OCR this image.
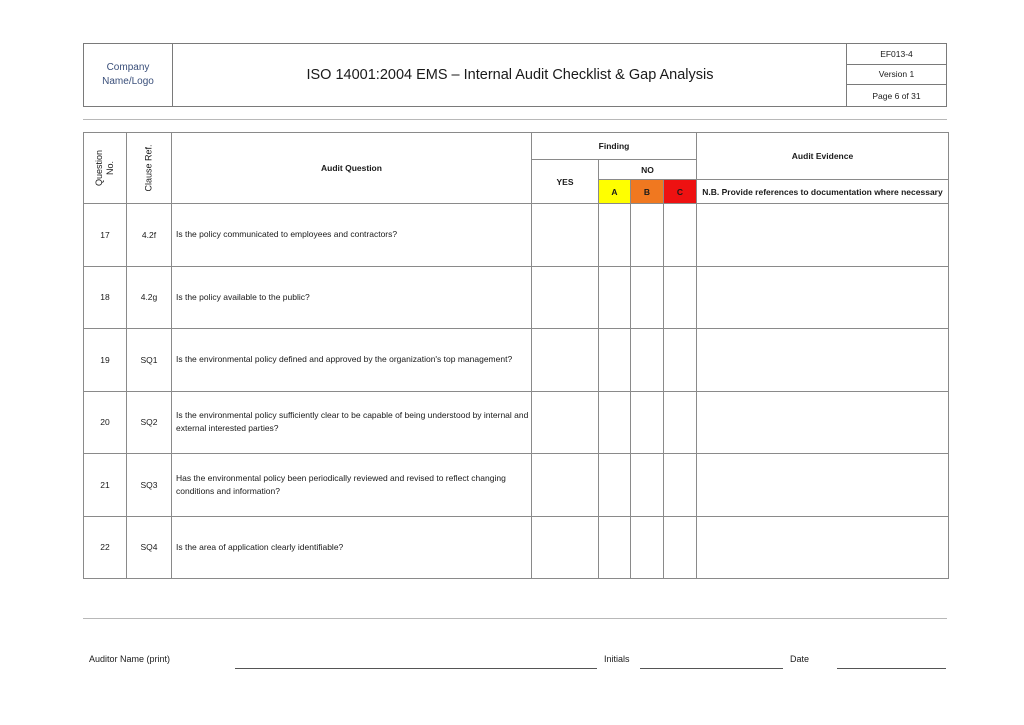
Company
Name/Logo	ISO 14001:2004 EMS – Internal Audit Checklist & Gap Analysis
EF013-4
Version 1
Page 6 of 31
Question
No.	Clause Ref.	Audit Question	Finding				Audit Evidence
			YES	NO			
				A	B	C	N.B. Provide references to documentation where necessary
17	4.2f	Is the policy communicated to employees and contractors?					
18	4.2g	Is the policy available to the public?					
19	SQ1	Is the environmental policy defined and approved by the organization's top management?					
20	SQ2	Is the environmental policy sufficiently clear to be capable of being understood by internal and external interested parties?					
21	SQ3	Has the environmental policy been periodically reviewed and revised to reflect changing conditions and information?					
22	SQ4	Is the area of application clearly identifiable?					
Auditor Name (print)	Initials	Date
